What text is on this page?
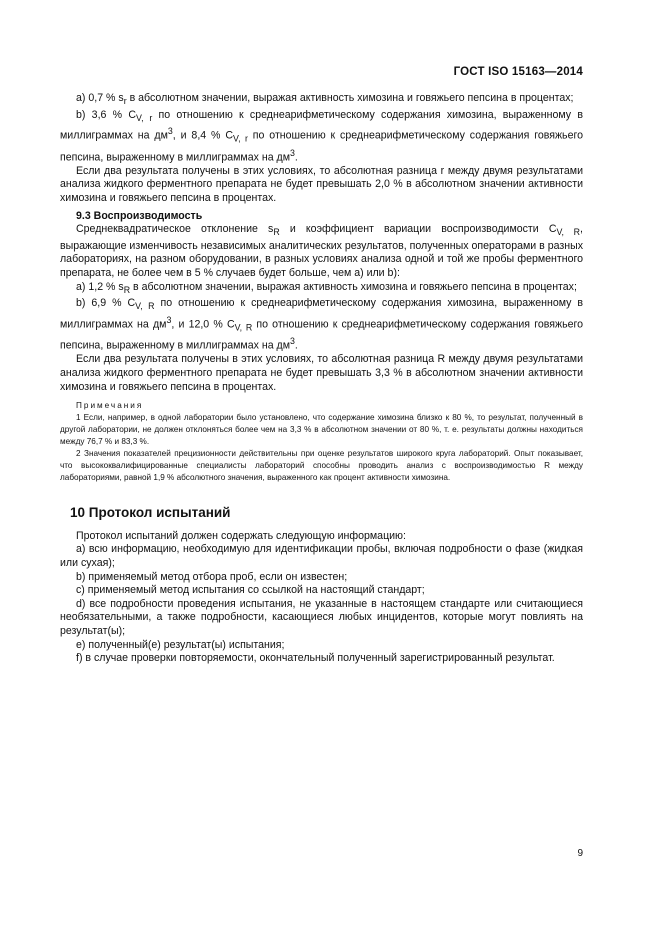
ГОСТ ISO 15163—2014

a) 0,7 % $s_r$ в абсолютном значении, выражая активность химозина и говяжьего пепсина в процентах;

b) 3,6 % $C_{V, r}$ по отношению к среднеарифметическому содержания химозина, выраженному в миллиграммах на $дм^3$, и 8,4 % $C_{V, r}$ по отношению к среднеарифметическому содержания говяжьего пепсина, выраженному в миллиграммах на $дм^3$.

Если два результата получены в этих условиях, то абсолютная разница r между двумя результатами анализа жидкого ферментного препарата не будет превышать 2,0 % в абсолютном значении активности химозина и говяжьего пепсина в процентах.

9.3 Воспроизводимость

Среднеквадратическое отклонение $s_R$ и коэффициент вариации воспроизводимости $C_{V, R}$, выражающие изменчивость независимых аналитических результатов, полученных операторами в разных лабораториях, на разном оборудовании, в разных условиях анализа одной и той же пробы ферментного препарата, не более чем в 5 % случаев будет больше, чем a) или b):

a) 1,2 % $s_R$ в абсолютном значении, выражая активность химозина и говяжьего пепсина в процентах;

b) 6,9 % $C_{V, R}$ по отношению к среднеарифметическому содержания химозина, выраженному в миллиграммах на $дм^3$, и 12,0 % $C_{V, R}$ по отношению к среднеарифметическому содержания говяжьего пепсина, выраженному в миллиграммах на $дм^3$.

Если два результата получены в этих условиях, то абсолютная разница R между двумя результатами анализа жидкого ферментного препарата не будет превышать 3,3 % в абсолютном значении активности химозина и говяжьего пепсина в процентах.

Примечания

1 Если, например, в одной лаборатории было установлено, что содержание химозина близко к 80 %, то результат, полученный в другой лаборатории, не должен отклоняться более чем на 3,3 % в абсолютном значении от 80 %, т. е. результаты должны находиться между 76,7 % и 83,3 %.

2 Значения показателей прецизионности действительны при оценке результатов широкого круга лабораторий. Опыт показывает, что высококвалифицированные специалисты лабораторий способны проводить анализ с воспроизводимостью R между лабораториями, равной 1,9 % абсолютного значения, выраженного как процент активности химозина.

10 Протокол испытаний

Протокол испытаний должен содержать следующую информацию:

a) всю информацию, необходимую для идентификации пробы, включая подробности о фазе (жидкая или сухая);

b) применяемый метод отбора проб, если он известен;

c) применяемый метод испытания со ссылкой на настоящий стандарт;

d) все подробности проведения испытания, не указанные в настоящем стандарте или считающиеся необязательными, а также подробности, касающиеся любых инцидентов, которые могут повлиять на результат(ы);

e) полученный(е) результат(ы) испытания;

f) в случае проверки повторяемости, окончательный полученный зарегистрированный результат.

9
